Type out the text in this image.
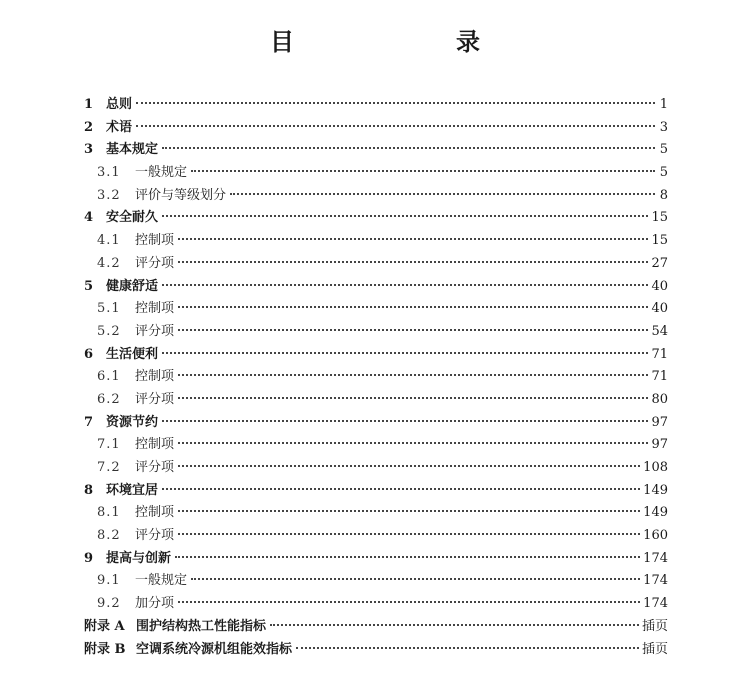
目　　录
1 总则	1
2 术语	3
3 基本规定	5
3.1	一般规定	5
3.2	评价与等级划分	8
4 安全耐久	15
4.1	控制项	15
4.2	评分项	27
5 健康舒适	40
5.1	控制项	40
5.2	评分项	54
6 生活便利	71
6.1	控制项	71
6.2	评分项	80
7 资源节约	97
7.1	控制项	97
7.2	评分项	108
8 环境宜居	149
8.1	控制项	149
8.2	评分项	160
9 提高与创新	174
9.1	一般规定	174
9.2	加分项	174
附录 A 围护结构热工性能指标	插页
附录 B 空调系统冷源机组能效指标	插页
